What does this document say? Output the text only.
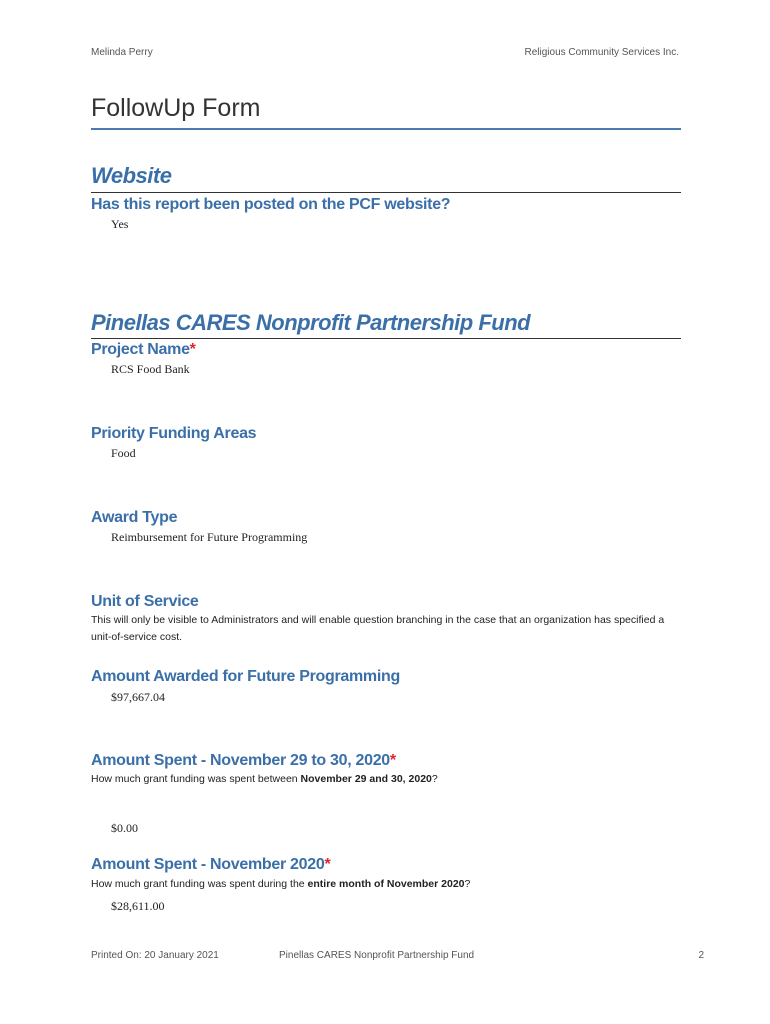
Melinda Perry	Religious Community Services Inc.
FollowUp Form
Website
Has this report been posted on the PCF website?
Yes
Pinellas CARES Nonprofit Partnership Fund
Project Name*
RCS Food Bank
Priority Funding Areas
Food
Award Type
Reimbursement for Future Programming
Unit of Service
This will only be visible to Administrators and will enable question branching in the case that an organization has specified a unit-of-service cost.
Amount Awarded for Future Programming
$97,667.04
Amount Spent - November 29 to 30, 2020*
How much grant funding was spent between November 29 and 30, 2020?
$0.00
Amount Spent - November 2020*
How much grant funding was spent during the entire month of November 2020?
$28,611.00
Printed On: 20 January 2021	Pinellas CARES Nonprofit Partnership Fund	2
